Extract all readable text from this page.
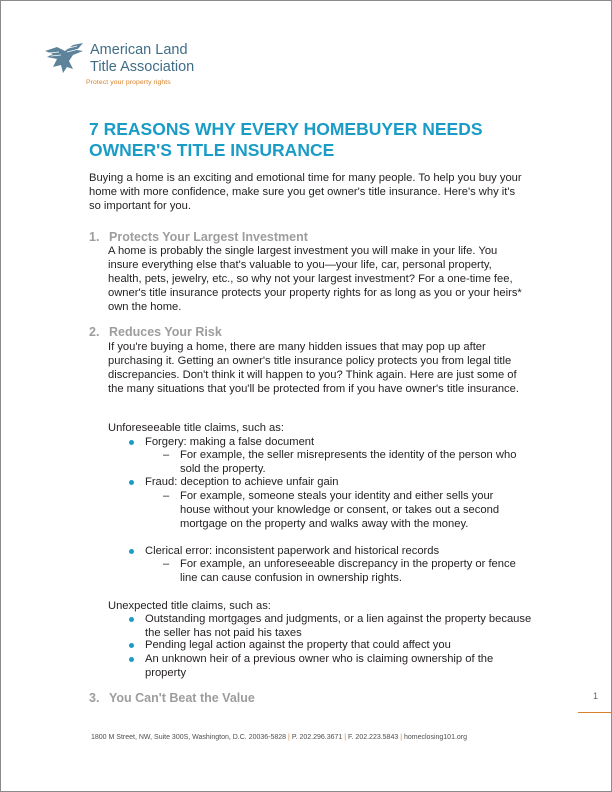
American Land
Title Association
Protect your property rights
7 REASONS WHY EVERY HOMEBUYER NEEDS
OWNER'S TITLE INSURANCE
Buying a home is an exciting and emotional time for many people. To help you buy your home with more confidence, make sure you get owner's title insurance. Here's why it's so important for you.
1. Protects Your Largest Investment
A home is probably the single largest investment you will make in your life. You insure everything else that's valuable to you—your life, car, personal property, health, pets, jewelry, etc., so why not your largest investment? For a one-time fee, owner's title insurance protects your property rights for as long as you or your heirs* own the home.
2. Reduces Your Risk
If you're buying a home, there are many hidden issues that may pop up after purchasing it. Getting an owner's title insurance policy protects you from legal title discrepancies. Don't think it will happen to you? Think again. Here are just some of the many situations that you'll be protected from if you have owner's title insurance.
Unforeseeable title claims, such as:
Forgery: making a false document
– For example, the seller misrepresents the identity of the person who sold the property.
Fraud: deception to achieve unfair gain
– For example, someone steals your identity and either sells your house without your knowledge or consent, or takes out a second mortgage on the property and walks away with the money.
Clerical error: inconsistent paperwork and historical records
– For example, an unforeseeable discrepancy in the property or fence line can cause confusion in ownership rights.
Unexpected title claims, such as:
Outstanding mortgages and judgments, or a lien against the property because the seller has not paid his taxes
Pending legal action against the property that could affect you
An unknown heir of a previous owner who is claiming ownership of the property
3. You Can't Beat the Value	1
1800 M Street, NW, Suite 300S, Washington, D.C. 20036-5828 | P. 202.296.3671 | F. 202.223.5843 | homeclosing101.org
